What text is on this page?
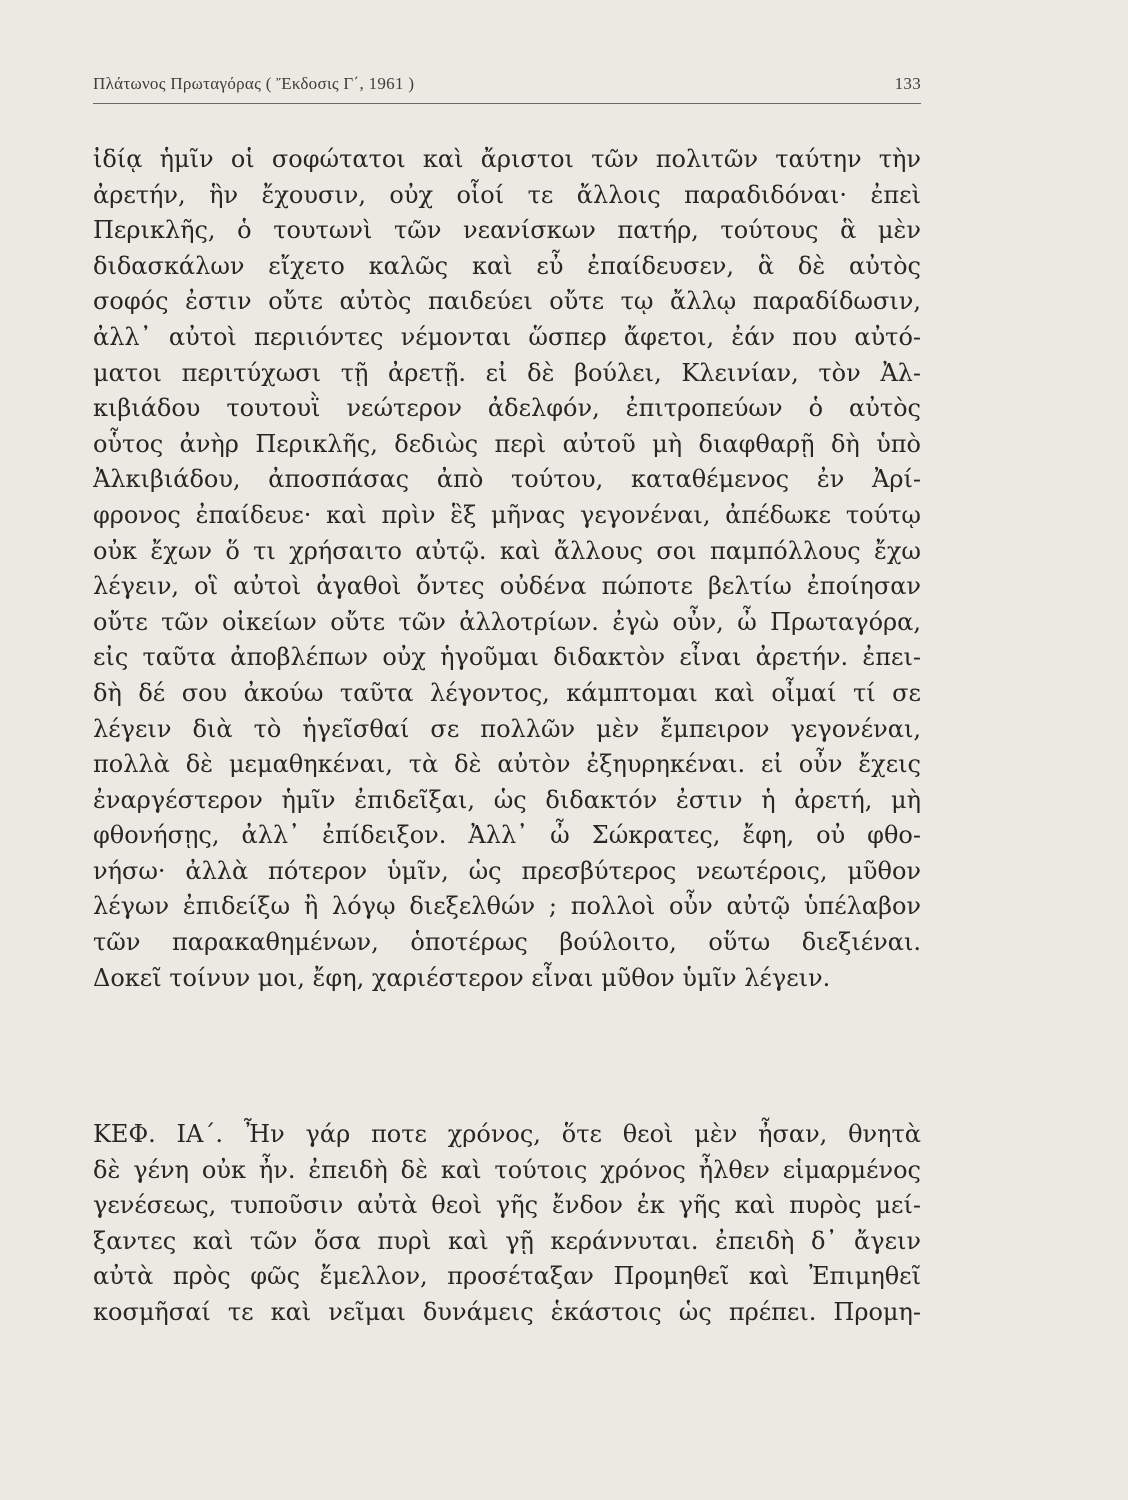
Πλάτωνος Πρωταγόρας ( Ἔκδοσις Γ΄, 1961 )	133
ἰδίᾳ ἡμῖν οἱ σοφώτατοι καὶ ἄριστοι τῶν πολιτῶν ταύτην τὴν
ἀρετήν, ἣν ἔχουσιν, οὐχ οἷοί τε ἄλλοις παραδιδόναι· ἐπεὶ
Περικλῆς, ὁ τουτωνὶ τῶν νεανίσκων πατήρ, τούτους ἃ μὲν
διδασκάλων εἴχετο καλῶς καὶ εὖ ἐπαίδευσεν, ἃ δὲ αὐτὸς
σοφός ἐστιν οὔτε αὐτὸς παιδεύει οὔτε τῳ ἄλλῳ παραδίδωσιν,
ἀλλ᾽ αὐτοὶ περιιόντες νέμονται ὥσπερ ἄφετοι, ἐάν που αὐτό-
ματοι περιτύχωσι τῇ ἀρετῇ. εἰ δὲ βούλει, Κλεινίαν, τὸν Ἀλ-
κιβιάδου τουτουῒ νεώτερον ἀδελφόν, ἐπιτροπεύων ὁ αὐτὸς
οὗτος ἀνὴρ Περικλῆς, δεδιὼς περὶ αὐτοῦ μὴ διαφθαρῇ δὴ ὑπὸ
Ἀλκιβιάδου, ἀποσπάσας ἀπὸ τούτου, καταθέμενος ἐν Ἀρί-
φρονος ἐπαίδευε· καὶ πρὶν ἓξ μῆνας γεγονέναι, ἀπέδωκε τούτῳ
οὐκ ἔχων ὅ τι χρήσαιτο αὐτῷ. καὶ ἄλλους σοι παμπόλλους ἔχω
λέγειν, οἳ αὐτοὶ ἀγαθοὶ ὄντες οὐδένα πώποτε βελτίω ἐποίησαν
οὔτε τῶν οἰκείων οὔτε τῶν ἀλλοτρίων. ἐγὼ οὖν, ὦ Πρωταγόρα,
εἰς ταῦτα ἀποβλέπων οὐχ ἡγοῦμαι διδακτὸν εἶναι ἀρετήν. ἐπει-
δὴ δέ σου ἀκούω ταῦτα λέγοντος, κάμπτομαι καὶ οἶμαί τί σε
λέγειν διὰ τὸ ἡγεῖσθαί σε πολλῶν μὲν ἔμπειρον γεγονέναι,
πολλὰ δὲ μεμαθηκέναι, τὰ δὲ αὐτὸν ἐξηυρηκέναι. εἰ οὖν ἔχεις
ἐναργέστερον ἡμῖν ἐπιδεῖξαι, ὡς διδακτόν ἐστιν ἡ ἀρετή, μὴ
φθονήσῃς, ἀλλ᾽ ἐπίδειξον. Ἀλλ᾽ ὦ Σώκρατες, ἔφη, οὐ φθο-
νήσω· ἀλλὰ πότερον ὑμῖν, ὡς πρεσβύτερος νεωτέροις, μῦθον
λέγων ἐπιδείξω ἢ λόγῳ διεξελθών ; πολλοὶ οὖν αὐτῷ ὑπέλαβον
τῶν παρακαθημένων, ὁποτέρως βούλοιτο, οὕτω διεξιέναι.
Δοκεῖ τοίνυν μοι, ἔφη, χαριέστερον εἶναι μῦθον ὑμῖν λέγειν.
ΚΕΦ. ΙΑ΄. Ἦν γάρ ποτε χρόνος, ὅτε θεοὶ μὲν ἦσαν, θνητὰ
δὲ γένη οὐκ ἦν. ἐπειδὴ δὲ καὶ τούτοις χρόνος ἦλθεν εἱμαρμένος
γενέσεως, τυποῦσιν αὐτὰ θεοὶ γῆς ἔνδον ἐκ γῆς καὶ πυρὸς μεί-
ξαντες καὶ τῶν ὅσα πυρὶ καὶ γῇ κεράννυται. ἐπειδὴ δ᾽ ἄγειν
αὐτὰ πρὸς φῶς ἔμελλον, προσέταξαν Προμηθεῖ καὶ Ἐπιμηθεῖ
κοσμῆσαί τε καὶ νεῖμαι δυνάμεις ἑκάστοις ὡς πρέπει. Προμη-
